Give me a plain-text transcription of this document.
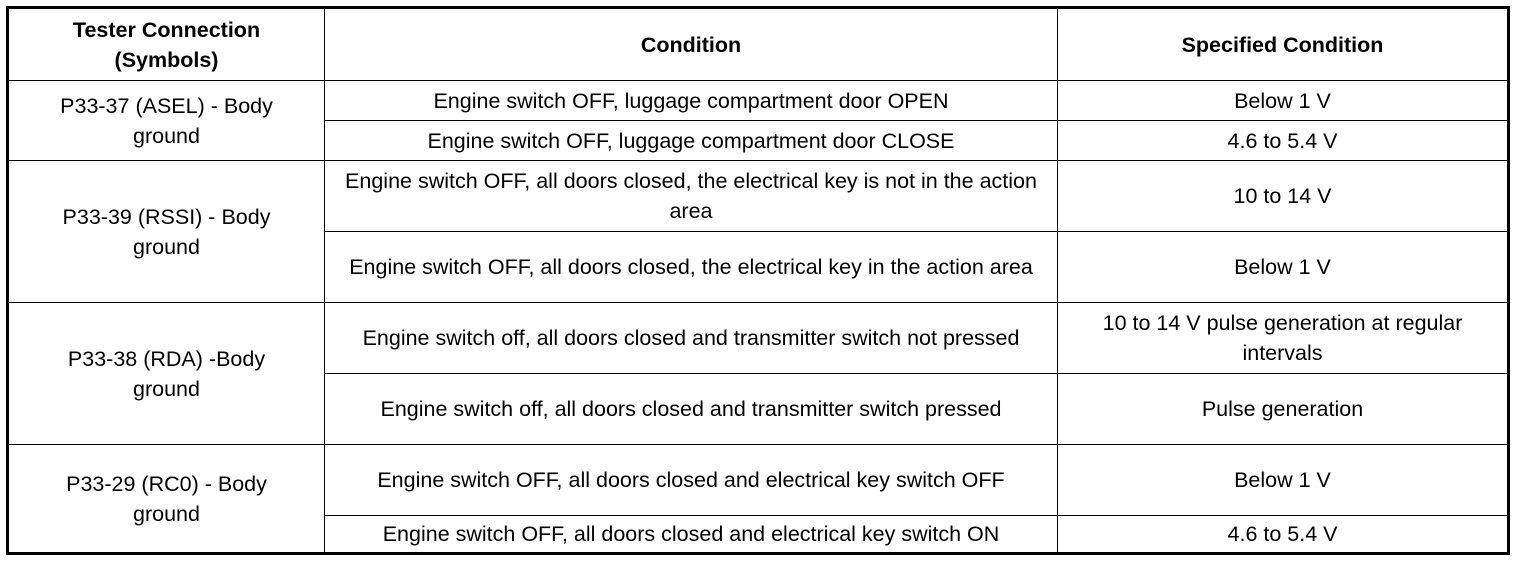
Tester Connection (Symbols)	Condition	Specified Condition
P33-37 (ASEL) - Body ground	Engine switch OFF, luggage compartment door OPEN	Below 1 V
	Engine switch OFF, luggage compartment door CLOSE	4.6 to 5.4 V
P33-39 (RSSI) - Body ground	Engine switch OFF, all doors closed, the electrical key is not in the action area	10 to 14 V
	Engine switch OFF, all doors closed, the electrical key in the action area	Below 1 V
P33-38 (RDA) -Body ground	Engine switch off, all doors closed and transmitter switch not pressed	10 to 14 V pulse generation at regular intervals
	Engine switch off, all doors closed and transmitter switch pressed	Pulse generation
P33-29 (RC0) - Body ground	Engine switch OFF, all doors closed and electrical key switch OFF	Below 1 V
	Engine switch OFF, all doors closed and electrical key switch ON	4.6 to 5.4 V
